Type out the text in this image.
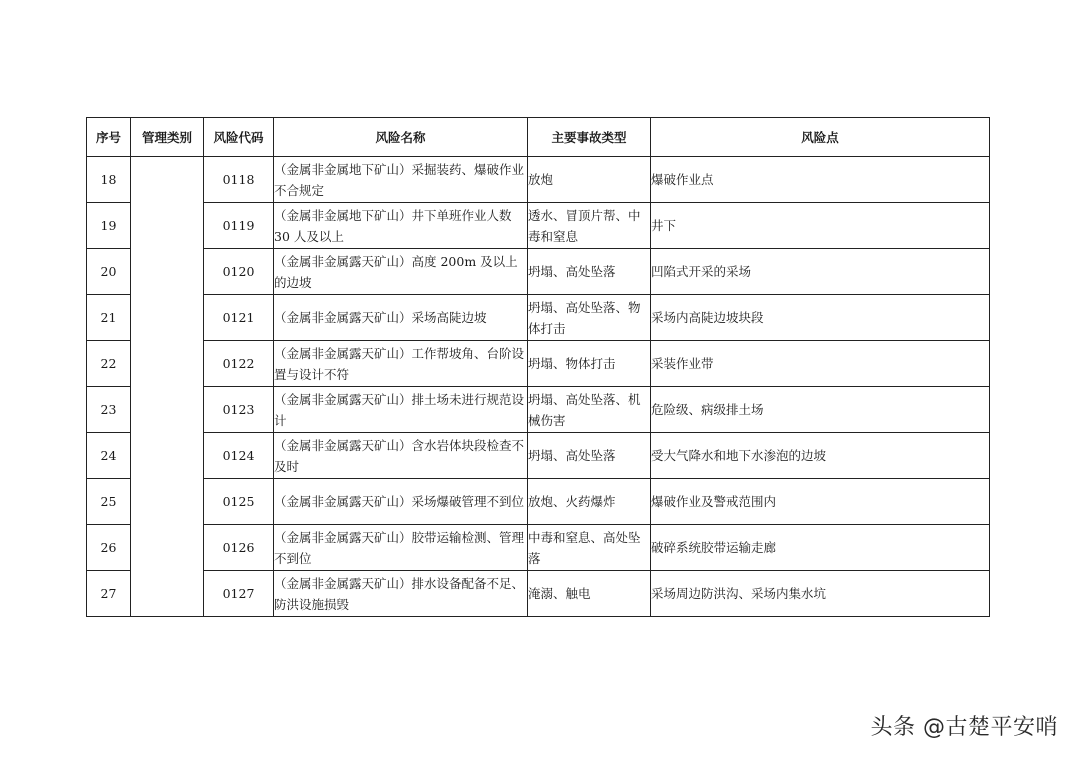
序号	管理类别	风险代码	风险名称	主要事故类型	风险点
18		0118	（金属非金属地下矿山）采掘装药、爆破作业不合规定	放炮	爆破作业点
19		0119	（金属非金属地下矿山）井下单班作业人数 30 人及以上	透水、冒顶片帮、中毒和窒息	井下
20		0120	（金属非金属露天矿山）高度 200m 及以上的边坡	坍塌、高处坠落	凹陷式开采的采场
21		0121	（金属非金属露天矿山）采场高陡边坡	坍塌、高处坠落、物体打击	采场内高陡边坡块段
22		0122	（金属非金属露天矿山）工作帮坡角、台阶设置与设计不符	坍塌、物体打击	采装作业带
23		0123	（金属非金属露天矿山）排土场未进行规范设计	坍塌、高处坠落、机械伤害	危险级、病级排土场
24		0124	（金属非金属露天矿山）含水岩体块段检查不及时	坍塌、高处坠落	受大气降水和地下水渗泡的边坡
25		0125	（金属非金属露天矿山）采场爆破管理不到位	放炮、火药爆炸	爆破作业及警戒范围内
26		0126	（金属非金属露天矿山）胶带运输检测、管理不到位	中毒和窒息、高处坠落	破碎系统胶带运输走廊
27		0127	（金属非金属露天矿山）排水设备配备不足、防洪设施损毁	淹溺、触电	采场周边防洪沟、采场内集水坑
头条 @古楚平安哨
